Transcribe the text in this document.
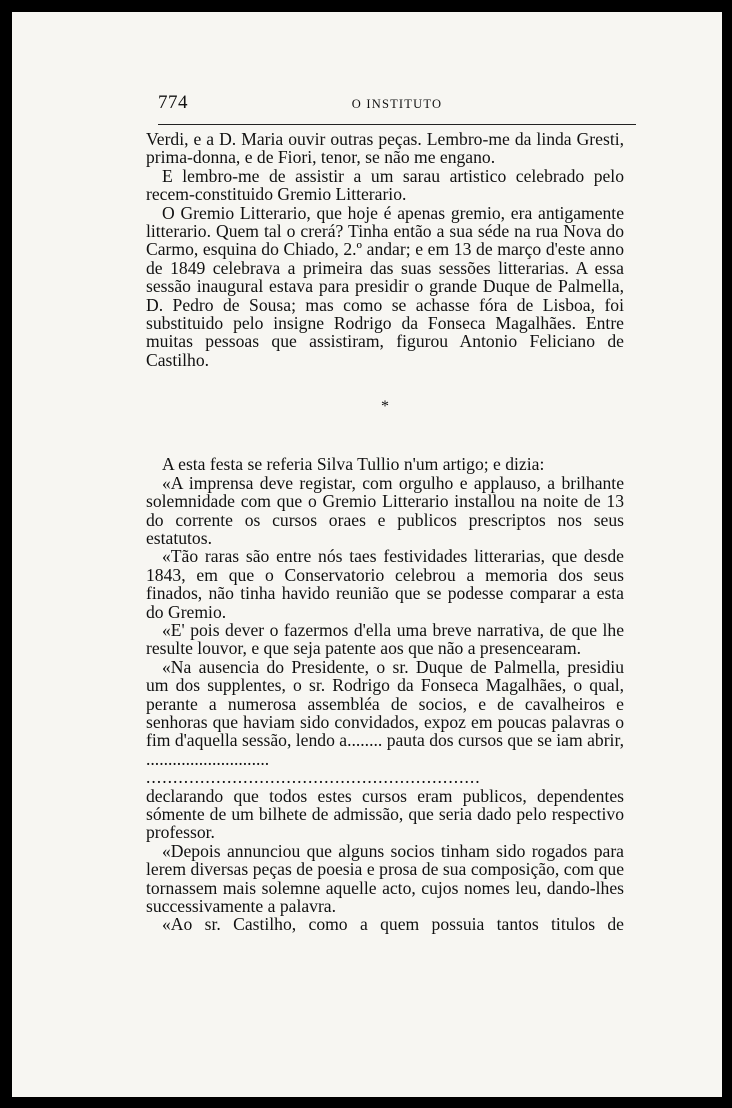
774	O INSTITUTO

Verdi, e a D. Maria ouvir outras peças. Lembro-me da linda Gresti, prima-donna, e de Fiori, tenor, se não me engano.

E lembro-me de assistir a um sarau artistico celebrado pelo recem-constituido Gremio Litterario.

O Gremio Litterario, que hoje é apenas gremio, era antigamente litterario. Quem tal o crerá? Tinha então a sua séde na rua Nova do Carmo, esquina do Chiado, 2.º andar; e em 13 de março d'este anno de 1849 celebrava a primeira das suas sessões litterarias. A essa sessão inaugural estava para presidir o grande Duque de Palmella, D. Pedro de Sousa; mas como se achasse fóra de Lisboa, foi substituido pelo insigne Rodrigo da Fonseca Magalhães. Entre muitas pessoas que assistiram, figurou Antonio Feliciano de Castilho.

*

A esta festa se referia Silva Tullio n'um artigo; e dizia:

«A imprensa deve registar, com orgulho e applauso, a brilhante solemnidade com que o Gremio Litterario installou na noite de 13 do corrente os cursos oraes e publicos prescriptos nos seus estatutos.

«Tão raras são entre nós taes festividades litterarias, que desde 1843, em que o Conservatorio celebrou a memoria dos seus finados, não tinha havido reunião que se podesse comparar a esta do Gremio.

«E' pois dever o fazermos d'ella uma breve narrativa, de que lhe resulte louvor, e que seja patente aos que não a presencearam.

«Na ausencia do Presidente, o sr. Duque de Palmella, presidiu um dos supplentes, o sr. Rodrigo da Fonseca Magalhães, o qual, perante a numerosa assembléa de socios, e de cavalheiros e senhoras que haviam sido convidados, expoz em poucas palavras o fim d'aquella sessão, lendo a........ pauta dos cursos que se iam abrir, ............................

..............................................................

declarando que todos estes cursos eram publicos, dependentes sómente de um bilhete de admissão, que seria dado pelo respectivo professor.

«Depois annunciou que alguns socios tinham sido rogados para lerem diversas peças de poesia e prosa de sua composição, com que tornassem mais solemne aquelle acto, cujos nomes leu, dando-lhes successivamente a palavra.

«Ao sr. Castilho, como a quem possuia tantos titulos de
